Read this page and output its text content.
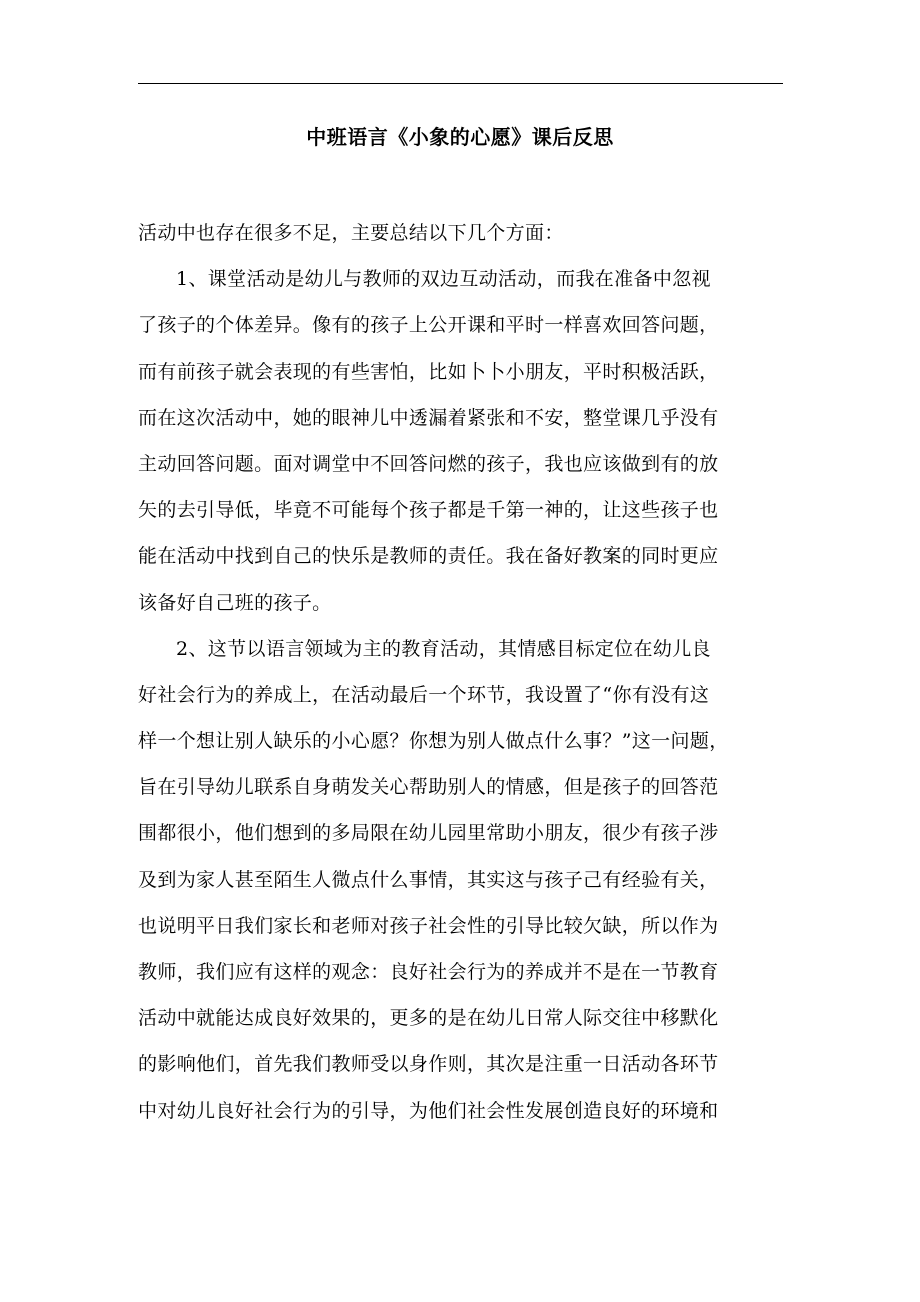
中班语言《小象的心愿》课后反思
活动中也存在很多不足，主要总结以下几个方面：
1、课堂活动是幼儿与教师的双边互动活动，而我在准备中忽视
了孩子的个体差异。像有的孩子上公开课和平时一样喜欢回答问题，
而有前孩子就会表现的有些害怕，比如卜卜小朋友，平时积极活跃，
而在这次活动中，她的眼神儿中透漏着紧张和不安，整堂课几乎没有
主动回答问题。面对调堂中不回答问燃的孩子，我也应该做到有的放
矢的去引导低，毕竟不可能每个孩子都是千第一神的，让这些孩子也
能在活动中找到自己的快乐是教师的责任。我在备好教案的同时更应
该备好自己班的孩子。
2、这节以语言领域为主的教育活动，其情感目标定位在幼儿良
好社会行为的养成上，在活动最后一个环节，我设置了“你有没有这
样一个想让别人缺乐的小心愿？你想为别人做点什么事？”这一问题，
旨在引导幼儿联系自身萌发关心帮助别人的情感，但是孩子的回答范
围都很小，他们想到的多局限在幼儿园里常助小朋友，很少有孩子涉
及到为家人甚至陌生人微点什么事情，其实这与孩子己有经验有关，
也说明平日我们家长和老师对孩子社会性的引导比较欠缺，所以作为
教师，我们应有这样的观念：良好社会行为的养成并不是在一节教育
活动中就能达成良好效果的，更多的是在幼儿日常人际交往中移默化
的影响他们，首先我们教师受以身作则，其次是注重一日活动各环节
中对幼儿良好社会行为的引导，为他们社会性发展创造良好的环境和
